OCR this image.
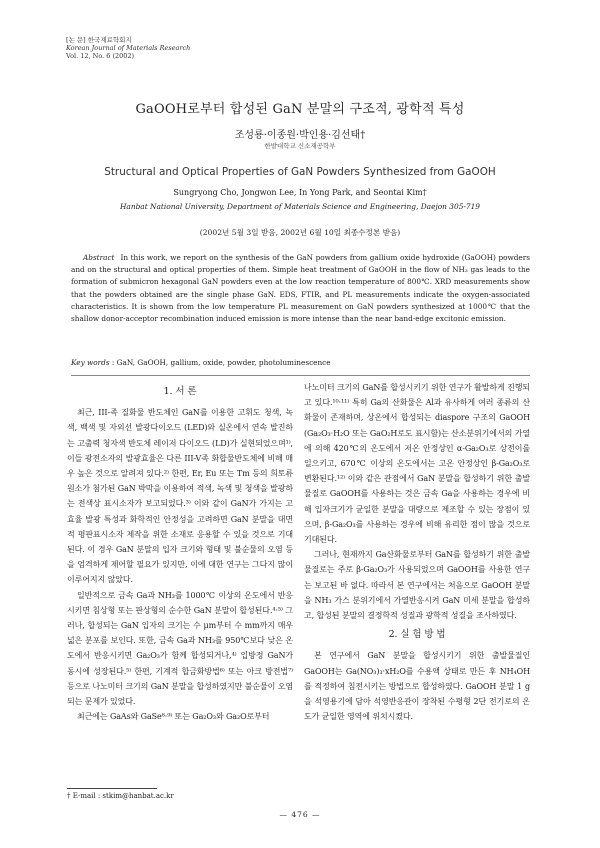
[논 문] 한국재료학회지
Korean Journal of Materials Research
Vol. 12, No. 6 (2002)
GaOOH로부터 합성된 GaN 분말의 구조적, 광학적 특성
조성룡·이종원·박인용·김선태†
한밭대학교 신소재공학부
Structural and Optical Properties of GaN Powders Synthesized from GaOOH
Sungryong Cho, Jongwon Lee, In Yong Park, and Seontai Kim†
Hanbat National University, Department of Materials Science and Engineering, Daejon 305-719
(2002년 5월 3일 받음, 2002년 6월 10일 최종수정본 받음)
Abstract In this work, we report on the synthesis of the GaN powders from gallium oxide hydroxide (GaOOH) powders and on the structural and optical properties of them. Simple heat treatment of GaOOH in the flow of NH₃ gas leads to the formation of submicron hexagonal GaN powders even at the low reaction temperature of 800℃. XRD measurements show that the powders obtained are the single phase GaN. EDS, FTIR, and PL measurements indicate the oxygen-associated characteristics. It is shown from the low temperature PL measurement on GaN powders synthesized at 1000℃ that the shallow donor-acceptor recombination induced emission is more intense than the near band-edge excitonic emission.
Key words : GaN, GaOOH, gallium, oxide, powder, photoluminescence
1. 서 론

최근, III-족 질화물 반도체인 GaN를 이용한 고휘도 청색, 녹색, 백색 및 자외선 발광다이오드 (LED)와 실온에서 연속 발진하는 고출력 청자색 반도체 레이저 다이오드 (LD)가 실현되었으며¹⁾, 이들 광전소자의 발광효율은 다른 III-V족 화합물반도체에 비해 매우 높은 것으로 알려져 있다.²⁾ 한편, Er, Eu 또는 Tm 등의 희토류 원소가 첨가된 GaN 박막을 이용하여 적색, 녹색 및 청색을 발광하는 전색상 표시소자가 보고되었다.³⁾ 이와 같이 GaN가 가지는 고효율 발광 특성과 화학적인 안정성을 고려하면 GaN 분말을 대면적 평판표시소자 제작을 위한 소재로 응용할 수 있을 것으로 기대된다. 이 경우 GaN 분말의 입자 크기와 형태 및 불순물의 오염 등을 엄격하게 제어할 필요가 있지만, 이에 대한 연구는 그다지 많이 이루어지지 않았다.

일반적으로 금속 Ga과 NH₃를 1000℃ 이상의 온도에서 반응시키면 침상형 또는 판상형의 순수한 GaN 분말이 합성된다.⁴·⁵⁾ 그러나, 합성되는 GaN 입자의 크기는 수 μm부터 수 mm까지 매우 넓은 분포를 보인다. 또한, 금속 Ga과 NH₃를 950℃보다 낮은 온도에서 반응시키면 Ga₂O₃가 함께 합성되거나,⁴⁾ 입방정 GaN가 동시에 성장된다.⁵⁾ 한편, 기계적 합금화방법⁶⁾ 또는 아크 방전법⁷⁾ 등으로 나노미터 크기의 GaN 분말을 합성하였지만 불순물이 오염되는 문제가 있었다.

최근에는 GaAs와 GaSe⁸·⁹⁾ 또는 Ga₂O₃와 Ga₂O로부터

나노미터 크기의 GaN를 합성시키기 위한 연구가 활발하게 진행되고 있다.¹⁰·¹¹⁾ 특히 Ga의 산화물은 Al과 유사하게 여러 종류의 산화물이 존재하며, 상온에서 합성되는 diaspore 구조의 GaOOH (Ga₂O₃·H₂O 또는 GaO₂H로도 표시함)는 산소분위기에서의 가열에 의해 420℃의 온도에서 저온 안정상인 α-Ga₂O₃로 상전이를 일으키고, 670℃ 이상의 온도에서는 고온 안정상인 β-Ga₂O₃로 변환된다.¹²⁾ 이와 같은 관점에서 GaN 분말을 합성하기 위한 출발물질로 GaOOH를 사용하는 것은 금속 Ga을 사용하는 경우에 비해 입자크기가 균일한 분말을 대량으로 제조할 수 있는 장점이 있으며, β-Ga₂O₃를 사용하는 경우에 비해 유리한 점이 많을 것으로 기대된다.

그러나, 현재까지 Ga산화물로부터 GaN를 합성하기 위한 출발물질로는 주로 β-Ga₂O₃가 사용되었으며 GaOOH를 사용한 연구는 보고된 바 없다. 따라서 본 연구에서는 처음으로 GaOOH 분말을 NH₃ 가스 분위기에서 가열반응시켜 GaN 미세 분말을 합성하고, 합성된 분말의 결정학적 성질과 광학적 성질을 조사하였다.

2. 실 험 방 법

본 연구에서 GaN 분말을 합성시키기 위한 출발물질인 GaOOH는 Ga(NO₃)₃·xH₂O를 수용액 상태로 만든 후 NH₄OH를 적정하여 침전시키는 방법으로 합성하였다. GaOOH 분말 1 g을 석영용기에 담아 석영반응관이 장착된 수평형 2단 전기로의 온도가 균일한 영역에 위치시켰다.

† E-mail : stkim@hanbat.ac.kr
— 476 —
